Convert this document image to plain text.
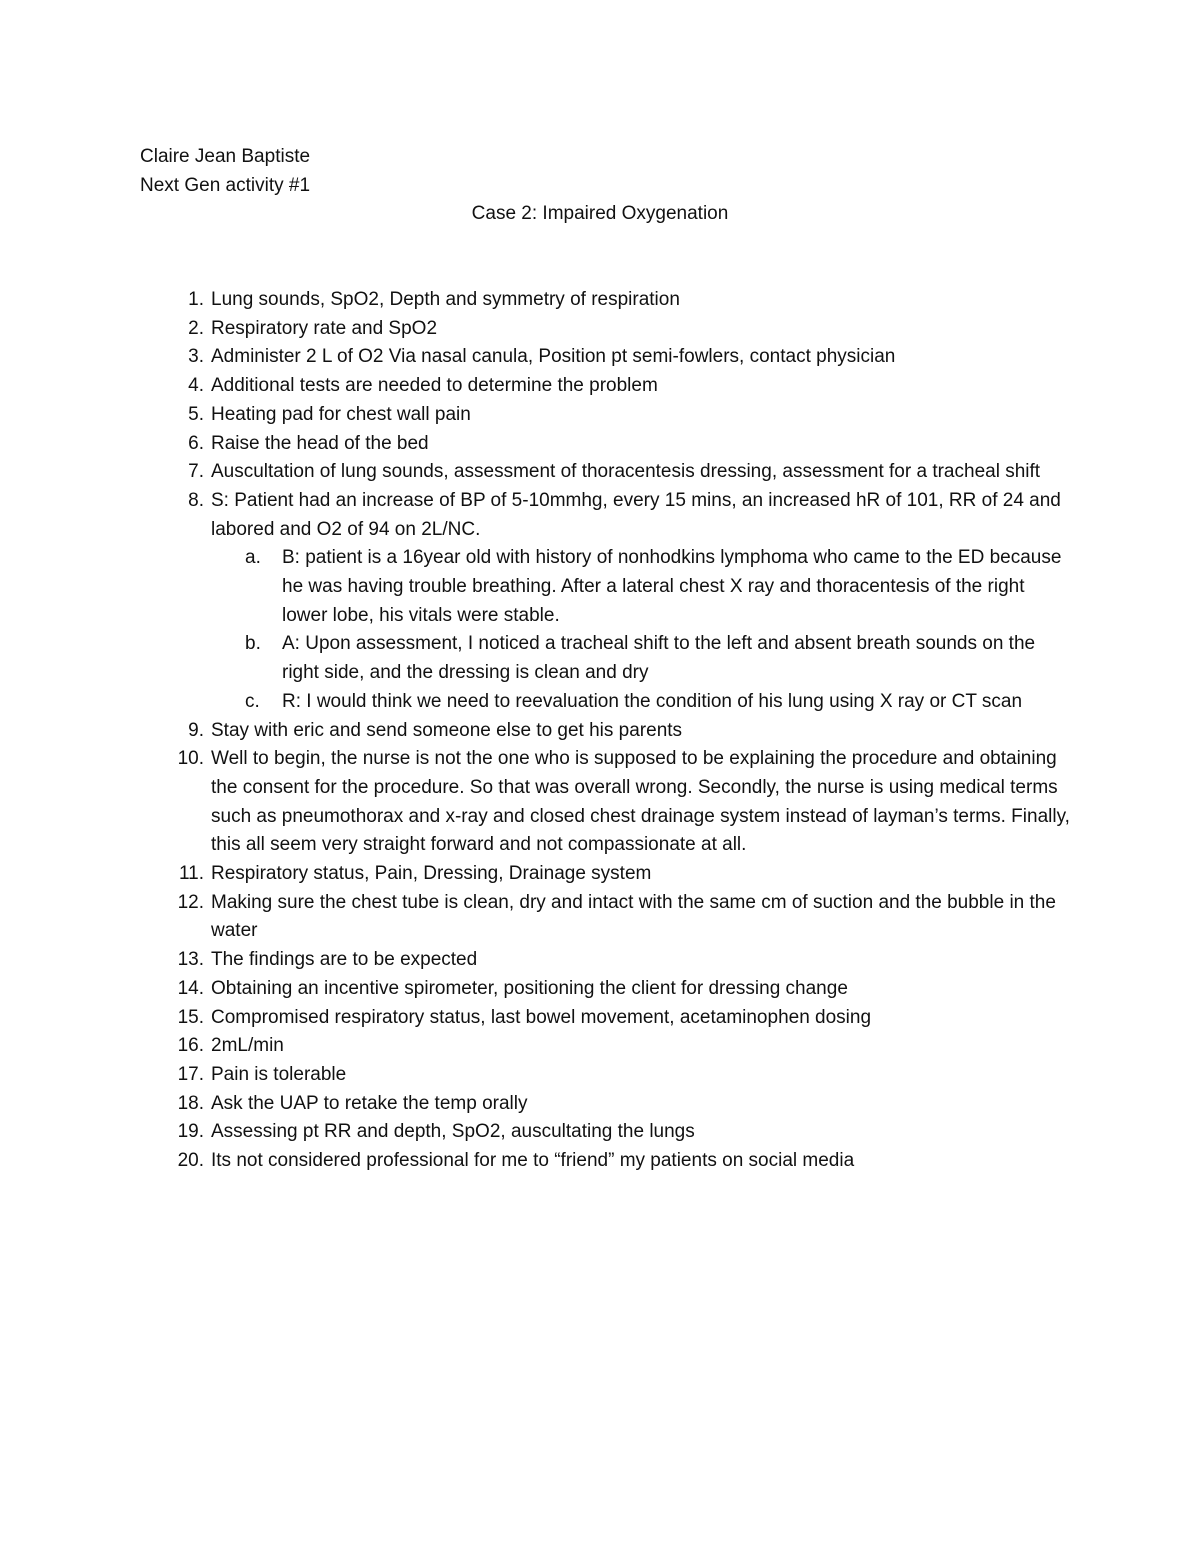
Claire Jean Baptiste
Next Gen activity #1
Case 2: Impaired Oxygenation
1. Lung sounds, SpO2, Depth and symmetry of respiration
2. Respiratory rate and SpO2
3. Administer 2 L of O2 Via nasal canula, Position pt semi-fowlers, contact physician
4. Additional tests are needed to determine the problem
5. Heating pad for chest wall pain
6. Raise the head of the bed
7. Auscultation of lung sounds, assessment of thoracentesis dressing, assessment for a tracheal shift
8. S: Patient had an increase of BP of 5-10mmhg, every 15 mins, an increased hR of 101, RR of 24 and labored and O2 of 94 on 2L/NC.
a.	B: patient is a 16year old with history of nonhodkins lymphoma who came to the ED because he was having trouble breathing. After a lateral chest X ray and thoracentesis of the right lower lobe, his vitals were stable.
b.	A: Upon assessment, I noticed a tracheal shift to the left and absent breath sounds on the right side, and the dressing is clean and dry
c.	R: I would think we need to reevaluation the condition of his lung using X ray or CT scan
9. Stay with eric and send someone else to get his parents
10. Well to begin, the nurse is not the one who is supposed to be explaining the procedure and obtaining the consent for the procedure. So that was overall wrong. Secondly, the nurse is using medical terms such as pneumothorax and x-ray and closed chest drainage system instead of layman’s terms. Finally, this all seem very straight forward and not compassionate at all.
11. Respiratory status, Pain, Dressing, Drainage system
12. Making sure the chest tube is clean, dry and intact with the same cm of suction and the bubble in the water
13. The findings are to be expected
14. Obtaining an incentive spirometer, positioning the client for dressing change
15. Compromised respiratory status, last bowel movement, acetaminophen dosing
16. 2mL/min
17. Pain is tolerable
18. Ask the UAP to retake the temp orally
19. Assessing pt RR and depth, SpO2, auscultating the lungs
20. Its not considered professional for me to “friend” my patients on social media
